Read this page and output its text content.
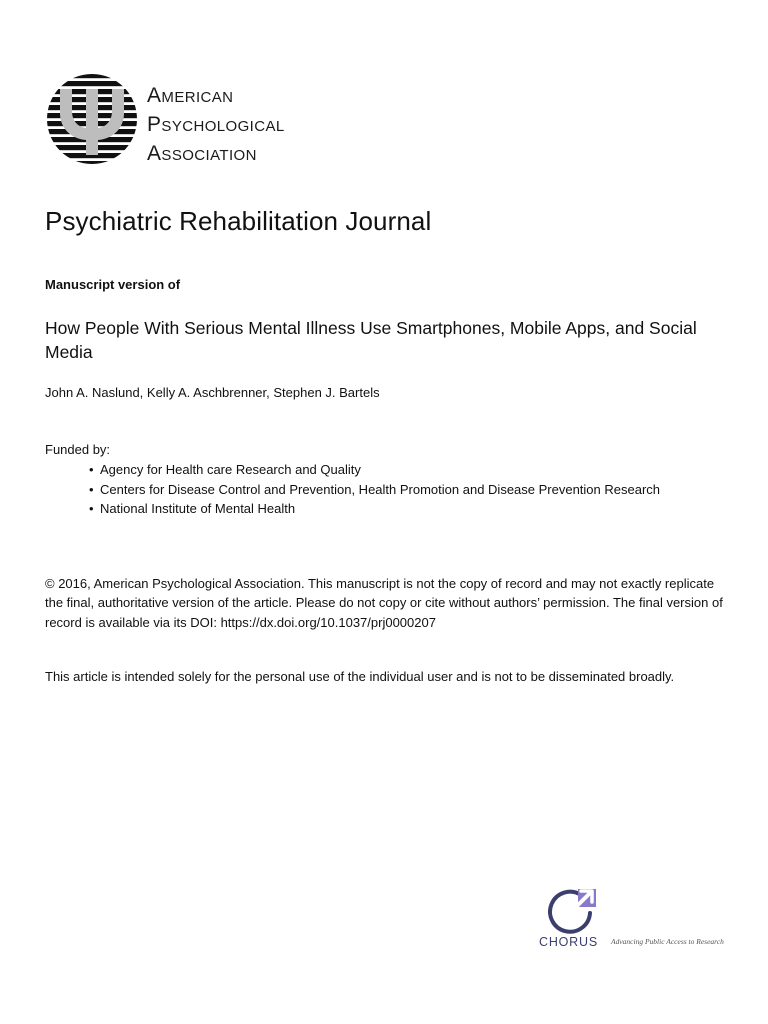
AMERICAN
PSYCHOLOGICAL
ASSOCIATION
Psychiatric Rehabilitation Journal
Manuscript version of
How People With Serious Mental Illness Use Smartphones, Mobile Apps, and Social Media
John A. Naslund, Kelly A. Aschbrenner, Stephen J. Bartels
Funded by:
• Agency for Health care Research and Quality
• Centers for Disease Control and Prevention, Health Promotion and Disease Prevention Research
• National Institute of Mental Health

© 2016, American Psychological Association. This manuscript is not the copy of record and may not exactly replicate the final, authoritative version of the article. Please do not copy or cite without authors’ permission. The final version of record is available via its DOI: https://dx.doi.org/10.1037/prj0000207

This article is intended solely for the personal use of the individual user and is not to be disseminated broadly.

CHORUS Advancing Public Access to Research
